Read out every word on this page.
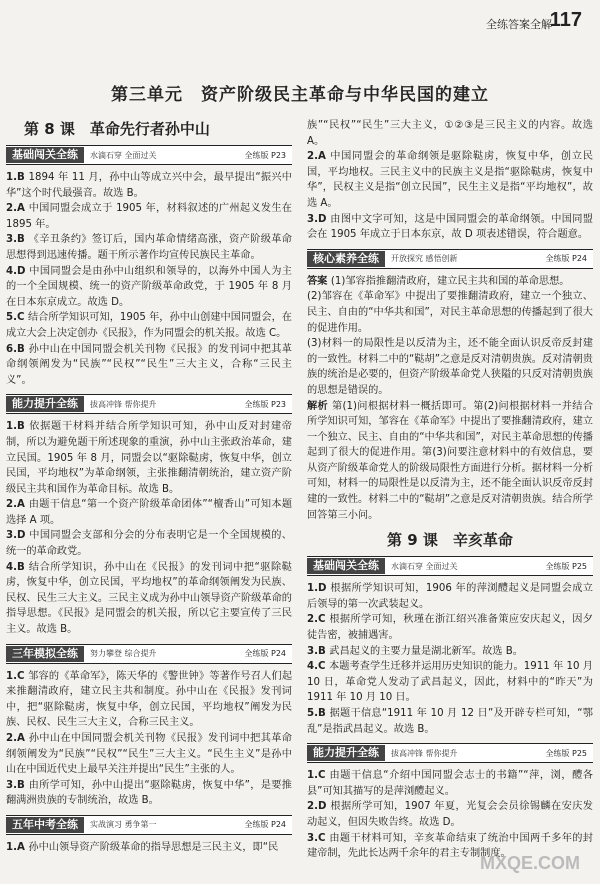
全练答案全解
117
第三单元　资产阶级民主革命与中华民国的建立
第 8 课　革命先行者孙中山
基础闯关全练	水滴石穿 全面过关	全练版 P23

1.B 1894 年 11 月，孙中山等成立兴中会，最早提出“振兴中华”这个时代最强音。故选 B。

2.A 中国同盟会成立于 1905 年，材料叙述的广州起义发生在 1895 年。

3.B 《辛丑条约》签订后，国内革命情绪高涨，资产阶级革命思想得到迅速传播。题干所示著作均宣传民族民主革命。

4.D 中国同盟会是由孙中山组织和领导的，以海外中国人为主的一个全国规模、统一的资产阶级革命政党，于 1905 年 8 月在日本东京成立。故选 D。

5.C 结合所学知识可知，1905 年，孙中山创建中国同盟会，在成立大会上决定创办《民报》，作为同盟会的机关报。故选 C。

6.B 孙中山在中国同盟会机关刊物《民报》的发刊词中把其革命纲领阐发为“民族”“民权”“民生”三大主义，合称“三民主义”。

能力提升全练	拔高冲锋 帮你提升	全练版 P23

1.B 依据题干材料并结合所学知识可知，孙中山反对封建帝制，所以为避免题干所述现象的重演，孙中山主张政治革命，建立民国。1905 年 8 月，同盟会以“驱除鞑虏，恢复中华，创立民国，平均地权”为革命纲领，主张推翻清朝统治，建立资产阶级民主共和国作为革命目标。故选 B。

2.A 由题干信息“第一个资产阶级革命团体”“檀香山”可知本题选择 A 项。

3.D 中国同盟会支部和分会的分布表明它是一个全国规模的、统一的革命政党。

4.B 结合所学知识，孙中山在《民报》的发刊词中把“驱除鞑虏，恢复中华，创立民国，平均地权”的革命纲领阐发为民族、民权、民生三大主义。三民主义成为孙中山领导资产阶级革命的指导思想。《民报》是同盟会的机关报，所以它主要宣传了三民主义。故选 B。

三年模拟全练	努力攀登 综合提升	全练版 P24

1.C 邹容的《革命军》，陈天华的《警世钟》等著作号召人们起来推翻清政府，建立民主共和制度。孙中山在《民报》发刊词中，把“驱除鞑虏，恢复中华，创立民国，平均地权”阐发为民族、民权、民生三大主义，合称三民主义。

2.A 孙中山在中国同盟会机关刊物《民报》发刊词中把其革命纲领阐发为“民族”“民权”“民生”三大主义。“民生主义”是孙中山在中国近代史上最早关注并提出“民生”主张的人。

3.B 由所学可知，孙中山提出“驱除鞑虏，恢复中华”，是要推翻满洲贵族的专制统治，故选 B。

五年中考全练	实战演习 勇争第一	全练版 P24

1.A 孙中山领导资产阶级革命的指导思想是三民主义，即“民

族”“民权”“民生”三大主义，①②③是三民主义的内容。故选 A。

2.A 中国同盟会的革命纲领是驱除鞑虏，恢复中华，创立民国，平均地权。三民主义中的民族主义是指“驱除鞑虏，恢复中华”，民权主义是指“创立民国”，民生主义是指“平均地权”，故选 A。

3.D 由图中文字可知，这是中国同盟会的革命纲领。中国同盟会在 1905 年成立于日本东京，故 D 项表述错误，符合题意。

核心素养全练	开放探究 感悟创新	全练版 P24

答案 (1)邹容指推翻清政府，建立民主共和国的革命思想。

(2)邹容在《革命军》中提出了要推翻清政府，建立一个独立、民主、自由的“中华共和国”，对民主革命思想的传播起到了很大的促进作用。

(3)材料一的局限性是以反清为主，还不能全面认识反帝反封建的一致性。材料二中的“鞑胡”之意是反对清朝贵族。反对清朝贵族的统治是必要的，但资产阶级革命党人狭隘的只反对清朝贵族的思想是错误的。

解析 第(1)问根据材料一概括即可。第(2)问根据材料一并结合所学知识可知，邹容在《革命军》中提出了要推翻清政府，建立一个独立、民主、自由的“中华共和国”，对民主革命思想的传播起到了很大的促进作用。第(3)问要注意材料中的有效信息，要从资产阶级革命党人的阶级局限性方面进行分析。据材料一分析可知，材料一的局限性是以反清为主，还不能全面认识反帝反封建的一致性。材料二中的“鞑胡”之意是反对清朝贵族。结合所学回答第三小问。

第 9 课　辛亥革命
基础闯关全练	水滴石穿 全面过关	全练版 P25

1.D 根据所学知识可知，1906 年的萍浏醴起义是同盟会成立后领导的第一次武装起义。

2.C 根据所学可知，秋瑾在浙江绍兴准备策应安庆起义，因夕徒告密，被捕遇害。

3.B 武昌起义的主要力量是湖北新军。故选 B。

4.C 本题考查学生迁移并运用历史知识的能力。1911 年 10 月 10 日，革命党人发动了武昌起义，因此，材料中的“昨天”为 1911 年 10 月 10 日。

5.B 据题干信息“1911 年 10 月 12 日”及开辟专栏可知，“鄂乱”是指武昌起义。故选 B。

能力提升全练	拔高冲锋 帮你提升	全练版 P25

1.C 由题干信息“介绍中国同盟会志士的书籍”“萍，浏，醴各县”可知其描写的是萍浏醴起义。

2.D 根据所学可知，1907 年夏，光复会会员徐锡麟在安庆发动起义，但因失败告终。故选 D。

3.C 由题干材料可知，辛亥革命结束了统治中国两千多年的封建帝制，先此长达两千余年的君主专制制度。

MXQE.COM
